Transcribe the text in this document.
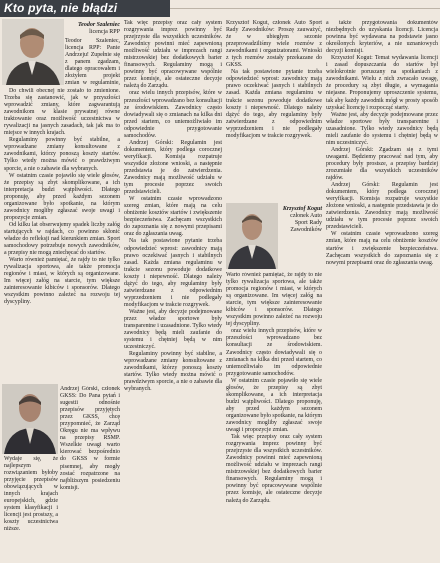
Kto pyta, nie błądzi
Teodor Szaleniec
licencja RPP

Teodor Szaleniec, licencja RPP: Panie Andrzeju! Zupełnie się z panem zgadzam, dlatego opracowałem i złożyłem projekt zmian w regulaminie,

Do chwili obecnej nie zostało to zmienione. Trzeba się zastanowić, jak w przyszłości wprowadzić zmiany, które zagwarantują zawodnikom w klasie prywatnej równe traktowanie oraz możliwość uczestnictwa w rywalizacji na jasnych zasadach, tak jak ma to miejsce w innych krajach.

Regulaminy powinny być stabilne, a wprowadzane zmiany konsultowane z zawodnikami, którzy ponoszą koszty startów. Tylko wtedy można mówić o prawdziwym sporcie, a nie o zabawie dla wybranych.

W ostatnim czasie pojawiło się wiele głosów, że przepisy są zbyt skomplikowane, a ich interpretacja budzi wątpliwości. Dlatego proponuję, aby przed każdym sezonem organizowane było spotkanie, na którym zawodnicy mogliby zgłaszać swoje uwagi i propozycje zmian.

Od kilku lat obserwujemy spadek liczby załóg startujących w rajdach, co powinno skłonić władze do refleksji nad kierunkiem zmian. Sport samochodowy potrzebuje nowych zawodników, a przepisy nie mogą zniechęcać do startów.

Warto również pamiętać, że rajdy to nie tylko rywalizacja sportowa, ale także promocja regionów i miast, w których są organizowane. Im więcej załóg na starcie, tym większe zainteresowanie kibiców i sponsorów. Dlatego wszystkim powinno zależeć na rozwoju tej dyscypliny.

Andrzej Górski, członek GKSS: Do Pana pytań i sugestii odnośnie przepisów przyjętych przez GKSS, chcę przypomnieć, że Zarząd Okręgu nie ma wpływu na przepisy RSMP. Wszelkie uwagi warto kierować bezpośrednio do GKSS w formie pisemnej, aby mogły zostać rozpatrzone na najbliższym posiedzeniu komisji.

Wydaje się, że najlepszym rozwiązaniem byłoby przyjęcie przepisów obowiązujących w innych krajach europejskich, gdzie system klasyfikacji i licencji jest prostszy, a koszty uczestnictwa niższe.

Tak więc przepisy oraz cały system rozgrywania imprez powinny być przejrzyste dla wszystkich uczestników. Zawodnicy powinni mieć zapewnioną możliwość udziału w imprezach rangi mistrzowskiej bez dodatkowych barier finansowych. Regulaminy mogą i powinny być opracowywane wspólnie przez komisje, ale ostateczne decyzje należą do Zarządu.

oraz wielu innych przepisów, które w przeszłości wprowadzano bez konsultacji ze środowiskiem. Zawodnicy często dowiadywali się o zmianach na kilka dni przed startem, co uniemożliwiało im odpowiednie przygotowanie samochodów.

Andrzej Górski: Regulamin jest dokumentem, który podlega corocznej weryfikacji. Komisja rozpatruje wszystkie złożone wnioski, a następnie przedstawia je do zatwierdzenia. Zawodnicy mają możliwość udziału w tym procesie poprzez swoich przedstawicieli.

W ostatnim czasie wprowadzono szereg zmian, które mają na celu obniżenie kosztów startów i zwiększenie bezpieczeństwa. Zachęcam wszystkich do zapoznania się z nowymi przepisami oraz do zgłaszania uwag.

Na tak postawione pytanie trzeba odpowiedzieć wprost: zawodnicy mają prawo oczekiwać jasnych i stabilnych zasad. Każda zmiana regulaminu w trakcie sezonu powoduje dodatkowe koszty i niepewność. Dlatego należy dążyć do tego, aby regulaminy były zatwierdzane z odpowiednim wyprzedzeniem i nie podlegały modyfikacjom w trakcie rozgrywek.

Ważne jest, aby decyzje podejmowane przez władze sportowe były transparentne i uzasadnione. Tylko wtedy zawodnicy będą mieli zaufanie do systemu i chętniej będą w nim uczestniczyć.

Regulaminy powinny być stabilne, a wprowadzane zmiany konsultowane z zawodnikami, którzy ponoszą koszty startów. Tylko wtedy można mówić o prawdziwym sporcie, a nie o zabawie dla wybranych.

Krzysztof Kogut, członek Auto Sport Rady Zawodników: Proszę zauważyć, że w ubiegłym sezonie przeprowadziliśmy wiele rozmów z zawodnikami i organizatorami. Wnioski z tych rozmów zostały przekazane do GKSS.

Na tak postawione pytanie trzeba odpowiedzieć wprost: zawodnicy mają prawo oczekiwać jasnych i stabilnych zasad. Każda zmiana regulaminu w trakcie sezonu powoduje dodatkowe koszty i niepewność. Dlatego należy dążyć do tego, aby regulaminy były zatwierdzane z odpowiednim wyprzedzeniem i nie podlegały modyfikacjom w trakcie rozgrywek.

Krzysztof Kogut
członek Auto Sport Rady Zawodników

Warto również pamiętać, że rajdy to nie tylko rywalizacja sportowa, ale także promocja regionów i miast, w których są organizowane. Im więcej załóg na starcie, tym większe zainteresowanie kibiców i sponsorów. Dlatego wszystkim powinno zależeć na rozwoju tej dyscypliny.

oraz wielu innych przepisów, które w przeszłości wprowadzano bez konsultacji ze środowiskiem. Zawodnicy często dowiadywali się o zmianach na kilka dni przed startem, co uniemożliwiało im odpowiednie przygotowanie samochodów.

W ostatnim czasie pojawiło się wiele głosów, że przepisy są zbyt skomplikowane, a ich interpretacja budzi wątpliwości. Dlatego proponuję, aby przed każdym sezonem organizowane było spotkanie, na którym zawodnicy mogliby zgłaszać swoje uwagi i propozycje zmian.

Tak więc przepisy oraz cały system rozgrywania imprez powinny być przejrzyste dla wszystkich uczestników. Zawodnicy powinni mieć zapewnioną możliwość udziału w imprezach rangi mistrzowskiej bez dodatkowych barier finansowych. Regulaminy mogą i powinny być opracowywane wspólnie przez komisje, ale ostateczne decyzje należą do Zarządu.

a także przygotowania dokumentów niezbędnych do uzyskania licencji. Licencja powinna być wydawana na podstawie jasno określonych kryteriów, a nie uznaniowych decyzji komisji.

Krzysztof Kogut: Temat wydawania licencji i zasad dopuszczania do startów był wielokrotnie poruszany na spotkaniach z zawodnikami. Wielu z nich zwracało uwagę, że procedury są zbyt długie, a wymagania niejasne. Proponujemy uproszczenie systemu, tak aby każdy zawodnik mógł w prosty sposób uzyskać licencję i rozpocząć starty.

Ważne jest, aby decyzje podejmowane przez władze sportowe były transparentne i uzasadnione. Tylko wtedy zawodnicy będą mieli zaufanie do systemu i chętniej będą w nim uczestniczyć.

Andrzej Górski: Zgadzam się z tymi uwagami. Będziemy pracować nad tym, aby procedury były prostsze, a przepisy bardziej zrozumiałe dla wszystkich uczestników rajdów.

Andrzej Górski: Regulamin jest dokumentem, który podlega corocznej weryfikacji. Komisja rozpatruje wszystkie złożone wnioski, a następnie przedstawia je do zatwierdzenia. Zawodnicy mają możliwość udziału w tym procesie poprzez swoich przedstawicieli.

W ostatnim czasie wprowadzono szereg zmian, które mają na celu obniżenie kosztów startów i zwiększenie bezpieczeństwa. Zachęcam wszystkich do zapoznania się z nowymi przepisami oraz do zgłaszania uwag.
